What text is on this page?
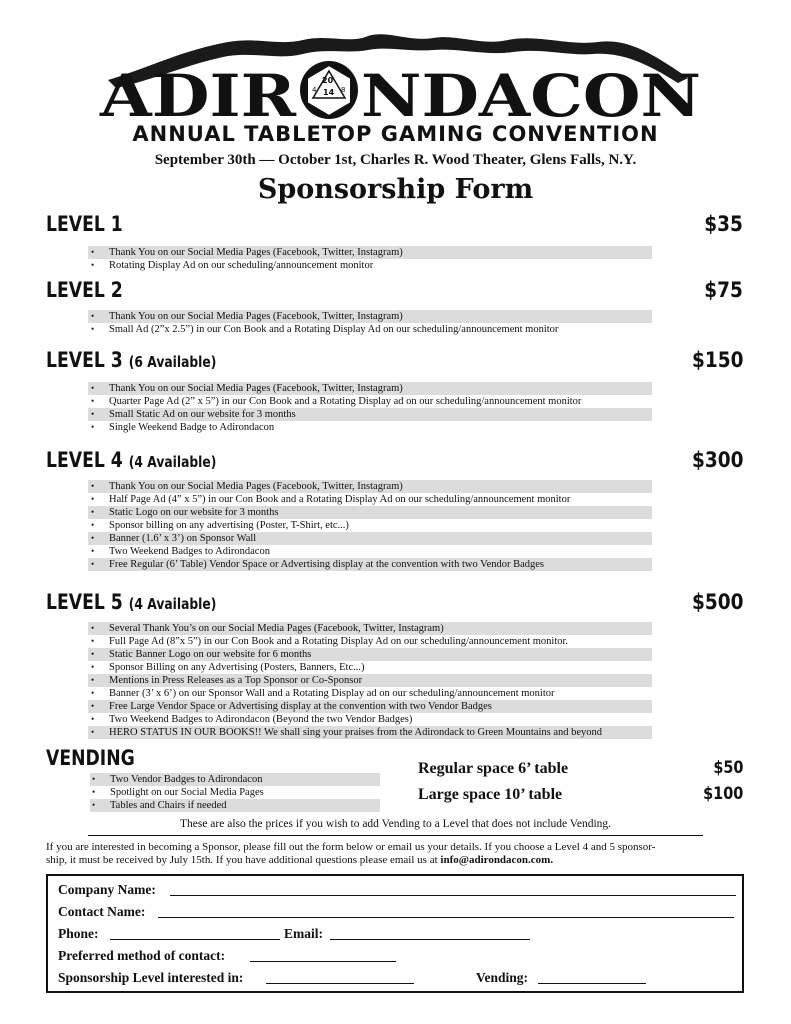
ADIR	20
14
4	8 NDACON
ANNUAL TABLETOP GAMING CONVENTION
September 30th — October 1st, Charles R. Wood Theater, Glens Falls, N.Y.
Sponsorship Form
LEVEL 1	$35
• Thank You on our Social Media Pages (Facebook, Twitter, Instagram)
• Rotating Display Ad on our scheduling/announcement monitor
LEVEL 2	$75
• Thank You on our Social Media Pages (Facebook, Twitter, Instagram)
• Small Ad (2”x 2.5”) in our Con Book and a Rotating Display Ad on our scheduling/announcement monitor
LEVEL 3 (6 Available)	$150
• Thank You on our Social Media Pages (Facebook, Twitter, Instagram)
• Quarter Page Ad (2” x 5”) in our Con Book and a Rotating Display ad on our scheduling/announcement monitor
• Small Static Ad on our website for 3 months
• Single Weekend Badge to Adirondacon
LEVEL 4 (4 Available)	$300
• Thank You on our Social Media Pages (Facebook, Twitter, Instagram)
• Half Page Ad (4” x 5”) in our Con Book and a Rotating Display Ad on our scheduling/announcement monitor
• Static Logo on our website for 3 months
• Sponsor billing on any advertising (Poster, T-Shirt, etc...)
• Banner (1.6’ x 3’) on Sponsor Wall
• Two Weekend Badges to Adirondacon
• Free Regular (6’ Table) Vendor Space or Advertising display at the convention with two Vendor Badges
LEVEL 5 (4 Available)	$500
• Several Thank You’s on our Social Media Pages (Facebook, Twitter, Instagram)
• Full Page Ad (8”x 5”) in our Con Book and a Rotating Display Ad on our scheduling/announcement monitor.
• Static Banner Logo on our website for 6 months
• Sponsor Billing on any Advertising (Posters, Banners, Etc...)
• Mentions in Press Releases as a Top Sponsor or Co-Sponsor
• Banner (3’ x 6’) on our Sponsor Wall and a Rotating Display ad on our scheduling/announcement monitor
• Free Large Vendor Space or Advertising display at the convention with two Vendor Badges
• Two Weekend Badges to Adirondacon (Beyond the two Vendor Badges)
• HERO STATUS IN OUR BOOKS!! We shall sing your praises from the Adirondack to Green Mountains and beyond
VENDING
• Two Vendor Badges to Adirondacon
• Spotlight on our Social Media Pages
• Tables and Chairs if needed
Regular space 6’ table	$50
Large space 10’ table	$100
These are also the prices if you wish to add Vending to a Level that does not include Vending.
If you are interested in becoming a Sponsor, please fill out the form below or email us your details. If you choose a Level 4 and 5 sponsor-
ship, it must be received by July 15th. If you have additional questions please email us at info@adirondacon.com.
Company Name:
Contact Name:
Phone:	Email:
Preferred method of contact:
Sponsorship Level interested in:	Vending:
